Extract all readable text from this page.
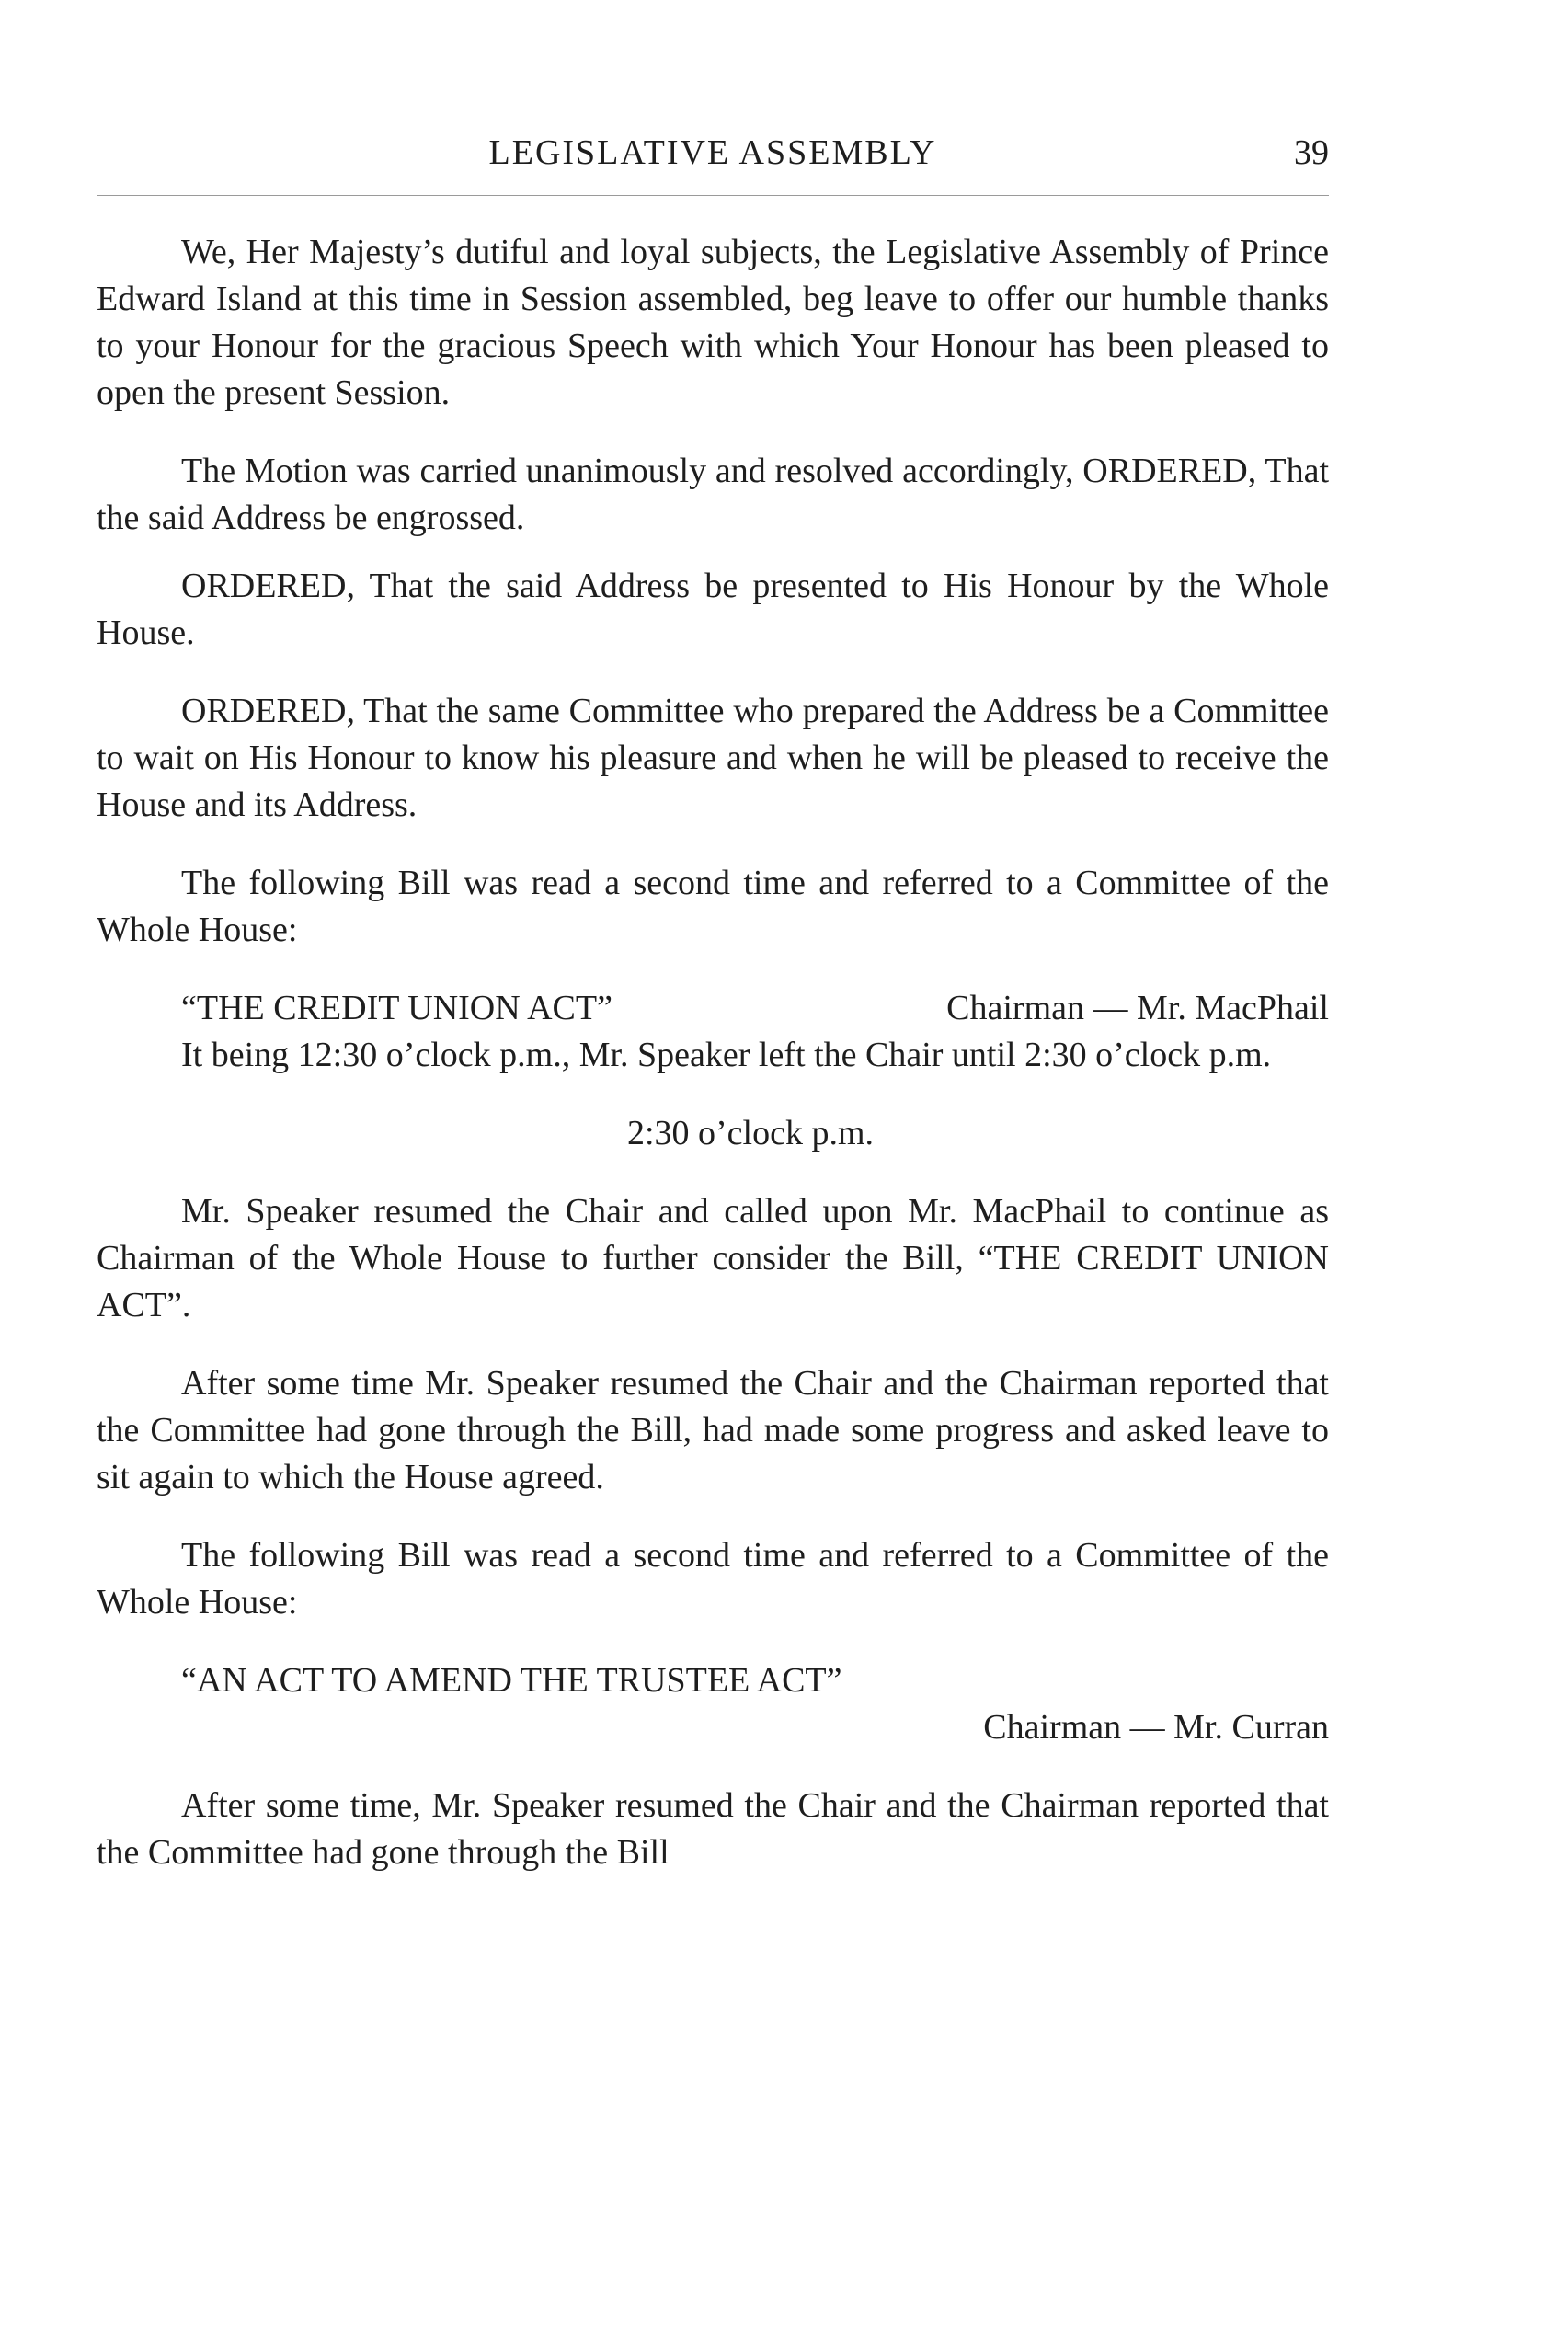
LEGISLATIVE ASSEMBLY	39

We, Her Majesty’s dutiful and loyal subjects, the Legislative Assembly of Prince Edward Island at this time in Session assembled, beg leave to offer our humble thanks to your Honour for the gracious Speech with which Your Honour has been pleased to open the present Session.

The Motion was carried unanimously and resolved accordingly, ORDERED, That the said Address be engrossed.

ORDERED, That the said Address be presented to His Honour by the Whole House.

ORDERED, That the same Committee who prepared the Address be a Committee to wait on His Honour to know his pleasure and when he will be pleased to receive the House and its Address.

The following Bill was read a second time and referred to a Committee of the Whole House:

“THE CREDIT UNION ACT”	Chairman — Mr. MacPhail

It being 12:30 o’clock p.m., Mr. Speaker left the Chair until 2:30 o’clock p.m.

2:30 o’clock p.m.

Mr. Speaker resumed the Chair and called upon Mr. MacPhail to continue as Chairman of the Whole House to further consider the Bill, “THE CREDIT UNION ACT”.

After some time Mr. Speaker resumed the Chair and the Chairman reported that the Committee had gone through the Bill, had made some progress and asked leave to sit again to which the House agreed.

The following Bill was read a second time and referred to a Committee of the Whole House:

“AN ACT TO AMEND THE TRUSTEE ACT”
Chairman — Mr. Curran

After some time, Mr. Speaker resumed the Chair and the Chairman reported that the Committee had gone through the Bill
